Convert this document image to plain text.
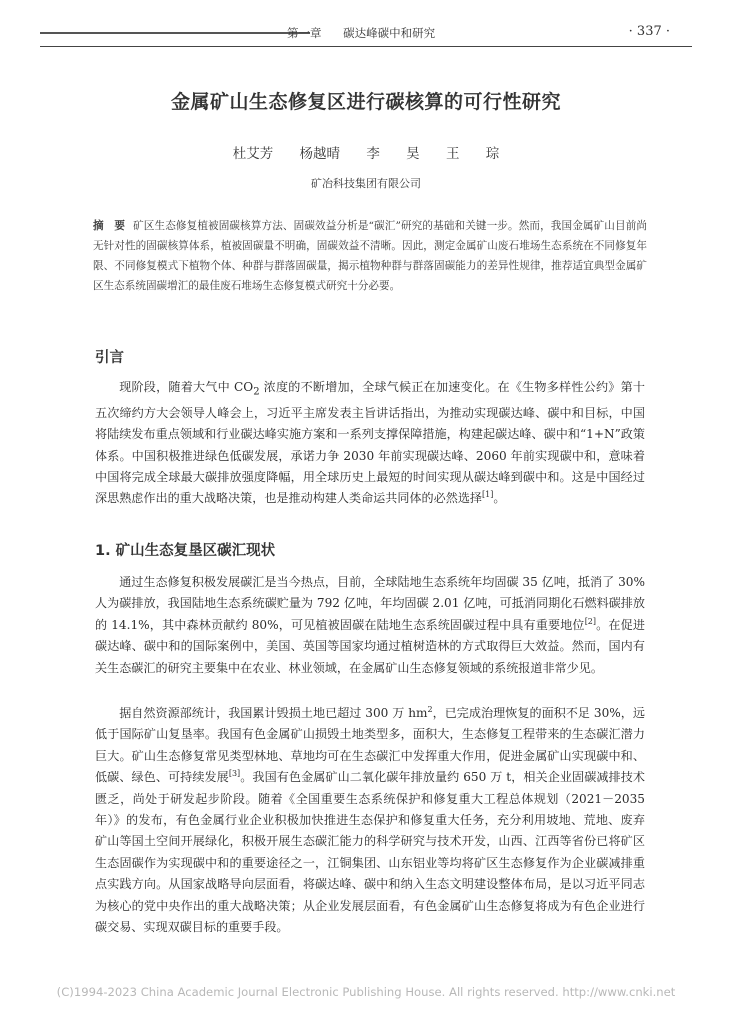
第一章 碳达峰碳中和研究	· 337 ·
金属矿山生态修复区进行碳核算的可行性研究
杜艾芳 杨越晴 李 昊 王 琮
矿冶科技集团有限公司
摘　要 矿区生态修复植被固碳核算方法、固碳效益分析是“碳汇”研究的基础和关键一步。然而，我国金属矿山目前尚无针对性的固碳核算体系，植被固碳量不明确，固碳效益不清晰。因此，测定金属矿山废石堆场生态系统在不同修复年限、不同修复模式下植物个体、种群与群落固碳量，揭示植物种群与群落固碳能力的差异性规律，推荐适宜典型金属矿区生态系统固碳增汇的最佳废石堆场生态修复模式研究十分必要。
引言
现阶段，随着大气中 $CO_2$ 浓度的不断增加，全球气候正在加速变化。在《生物多样性公约》第十五次缔约方大会领导人峰会上，习近平主席发表主旨讲话指出，为推动实现碳达峰、碳中和目标，中国将陆续发布重点领域和行业碳达峰实施方案和一系列支撑保障措施，构建起碳达峰、碳中和“1+N”政策体系。中国积极推进绿色低碳发展，承诺力争 2030 年前实现碳达峰、2060 年前实现碳中和，意味着中国将完成全球最大碳排放强度降幅，用全球历史上最短的时间实现从碳达峰到碳中和。这是中国经过深思熟虑作出的重大战略决策，也是推动构建人类命运共同体的必然选择[1]。
1. 矿山生态复垦区碳汇现状
通过生态修复积极发展碳汇是当今热点，目前，全球陆地生态系统年均固碳 35 亿吨，抵消了 30% 人为碳排放，我国陆地生态系统碳贮量为 792 亿吨，年均固碳 2.01 亿吨，可抵消同期化石燃料碳排放的 14.1%，其中森林贡献约 80%，可见植被固碳在陆地生态系统固碳过程中具有重要地位[2]。在促进碳达峰、碳中和的国际案例中，美国、英国等国家均通过植树造林的方式取得巨大效益。然而，国内有关生态碳汇的研究主要集中在农业、林业领域，在金属矿山生态修复领域的系统报道非常少见。
据自然资源部统计，我国累计毁损土地已超过 300 万 $hm^2$，已完成治理恢复的面积不足 30%，远低于国际矿山复垦率。我国有色金属矿山损毁土地类型多，面积大，生态修复工程带来的生态碳汇潜力巨大。矿山生态修复常见类型林地、草地均可在生态碳汇中发挥重大作用，促进金属矿山实现碳中和、低碳、绿色、可持续发展[3]。我国有色金属矿山二氧化碳年排放量约 650 万 t，相关企业固碳减排技术匮乏，尚处于研发起步阶段。随着《全国重要生态系统保护和修复重大工程总体规划（2021－2035 年）》的发布，有色金属行业企业积极加快推进生态保护和修复重大任务，充分利用坡地、荒地、废弃矿山等国土空间开展绿化，积极开展生态碳汇能力的科学研究与技术开发，山西、江西等省份已将矿区生态固碳作为实现碳中和的重要途径之一，江铜集团、山东铝业等均将矿区生态修复作为企业碳减排重点实践方向。从国家战略导向层面看，将碳达峰、碳中和纳入生态文明建设整体布局，是以习近平同志为核心的党中央作出的重大战略决策；从企业发展层面看，有色金属矿山生态修复将成为有色企业进行碳交易、实现双碳目标的重要手段。
(C)1994-2023 China Academic Journal Electronic Publishing House. All rights reserved. http://www.cnki.net
